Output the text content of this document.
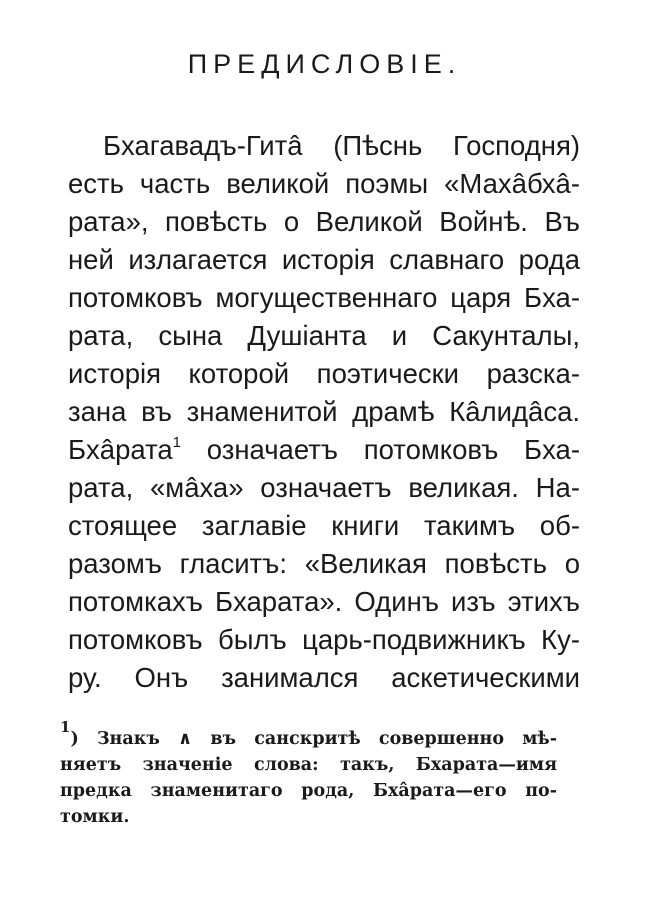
ПРЕДИСЛОВІЕ.
Бхагавадъ-Гитâ (Пѣснь Господня)
есть часть великой поэмы «Махâбхâ-
рата», повѣсть о Великой Войнѣ. Въ
ней излагается исторія славнаго рода
потомковъ могущественнаго царя Бха-
рата, сына Душіанта и Сакунталы,
исторія которой поэтически разска-
зана въ знаменитой драмѣ Кâлидâса.
Бхâрата$^1$ означаетъ потомковъ Бха-
рата, «мâха» означаетъ великая. На-
стоящее заглавіе книги такимъ об-
разомъ гласитъ: «Великая повѣсть о
потомкахъ Бхарата». Одинъ изъ этихъ
потомковъ былъ царь-подвижникъ Ку-
ру. Онъ занимался аскетическими
$^1$) Знакъ ∧ въ санскритѣ совершенно мѣ-
няетъ значеніе слова: такъ, Бхарата—имя
предка знаменитаго рода, Бхâрата—его по-
томки.
